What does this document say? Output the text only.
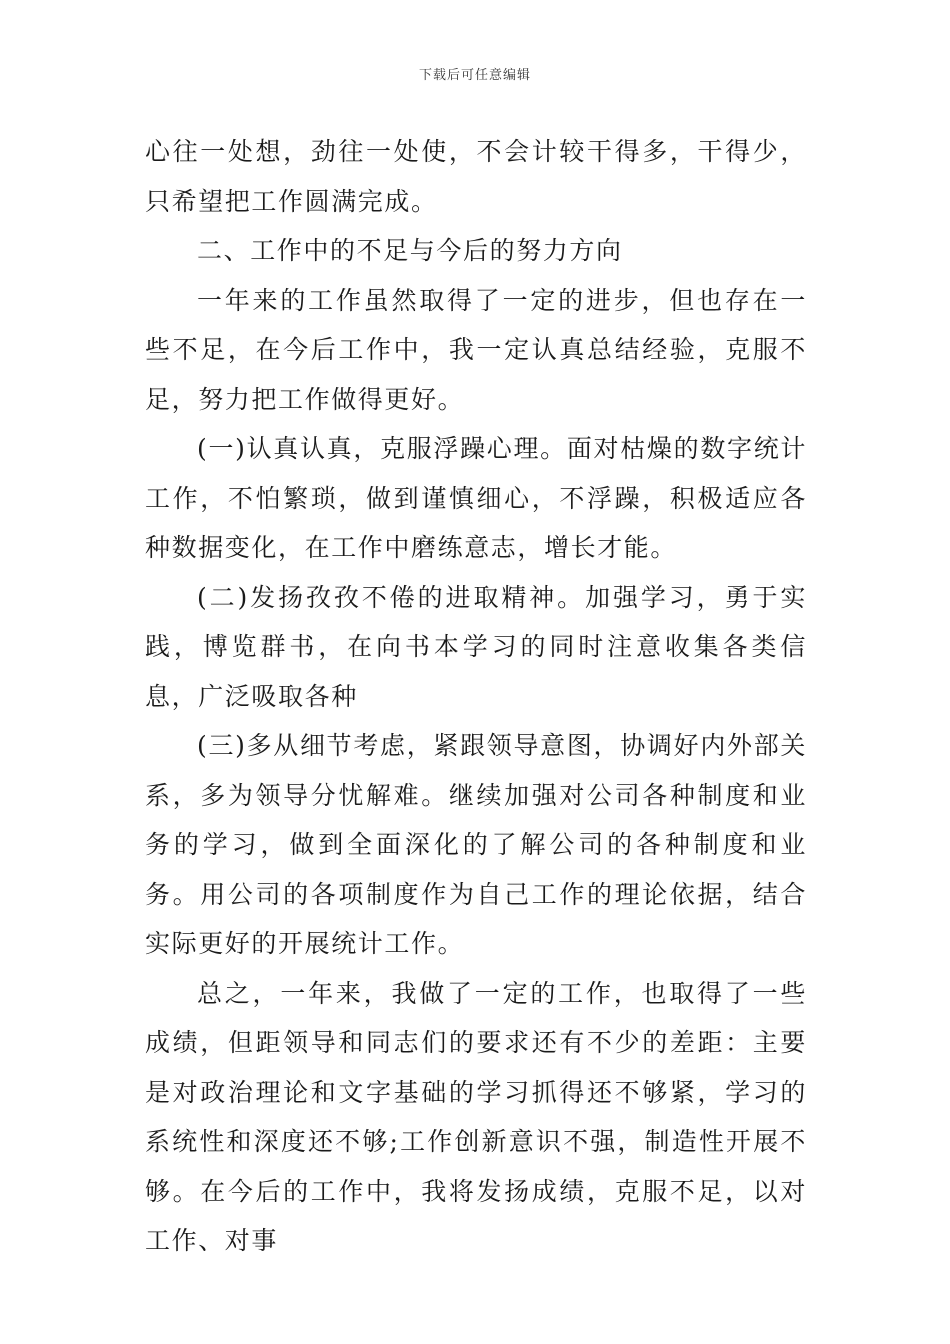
下载后可任意编辑

心往一处想，劲往一处使，不会计较干得多，干得少，只希望把工作圆满完成。

二、工作中的不足与今后的努力方向

一年来的工作虽然取得了一定的进步，但也存在一些不足，在今后工作中，我一定认真总结经验，克服不足，努力把工作做得更好。

(一)认真认真，克服浮躁心理。面对枯燥的数字统计工作，不怕繁琐，做到谨慎细心，不浮躁，积极适应各种数据变化，在工作中磨练意志，增长才能。

(二)发扬孜孜不倦的进取精神。加强学习，勇于实践，博览群书，在向书本学习的同时注意收集各类信息，广泛吸取各种

(三)多从细节考虑，紧跟领导意图，协调好内外部关系，多为领导分忧解难。继续加强对公司各种制度和业务的学习，做到全面深化的了解公司的各种制度和业务。用公司的各项制度作为自己工作的理论依据，结合实际更好的开展统计工作。

总之，一年来，我做了一定的工作，也取得了一些成绩，但距领导和同志们的要求还有不少的差距：主要是对政治理论和文字基础的学习抓得还不够紧，学习的系统性和深度还不够;工作创新意识不强，制造性开展不够。在今后的工作中，我将发扬成绩，克服不足，以对工作、对事
